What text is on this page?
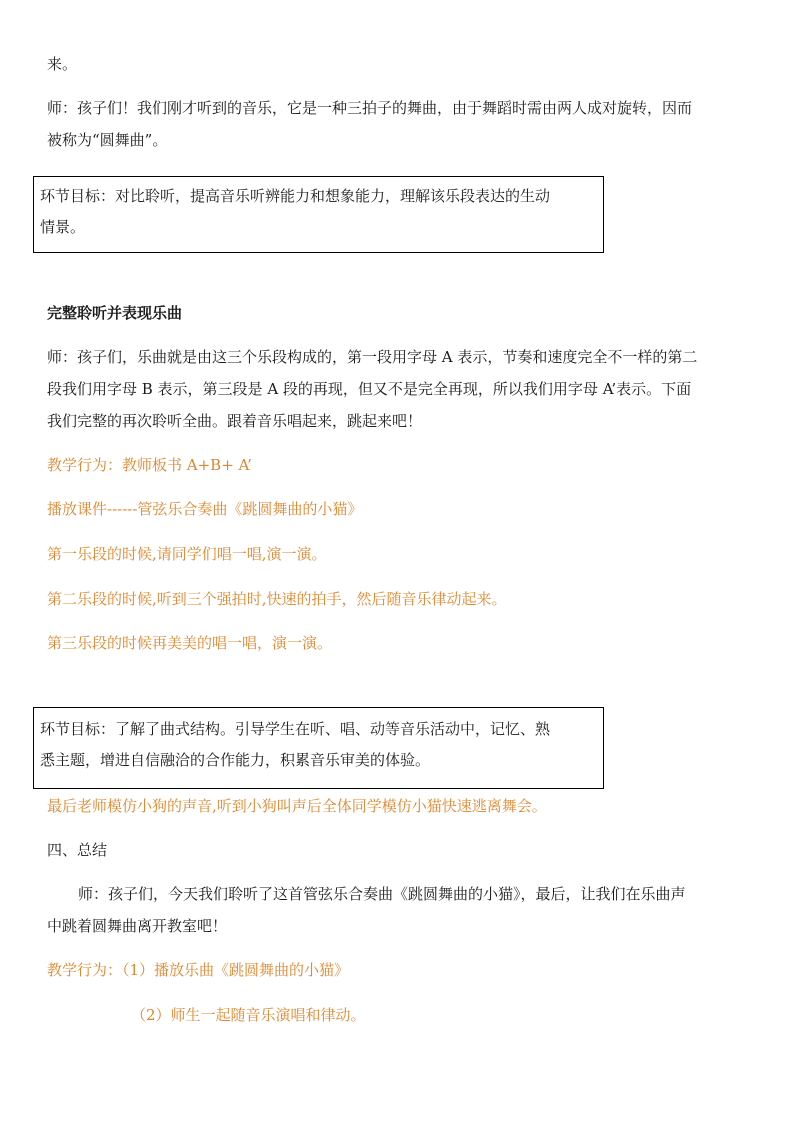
来。
师：孩子们！我们刚才听到的音乐，它是一种三拍子的舞曲，由于舞蹈时需由两人成对旋转，因而
被称为“圆舞曲”。
环节目标：对比聆听，提高音乐听辨能力和想象能力，理解该乐段表达的生动
情景。
完整聆听并表现乐曲
师：孩子们，乐曲就是由这三个乐段构成的，第一段用字母 A 表示，节奏和速度完全不一样的第二
段我们用字母 B 表示，第三段是 A 段的再现，但又不是完全再现，所以我们用字母 A’表示。下面
我们完整的再次聆听全曲。跟着音乐唱起来，跳起来吧！
教学行为：教师板书 A+B+ A’
播放课件------管弦乐合奏曲《跳圆舞曲的小猫》
第一乐段的时候,请同学们唱一唱,演一演。
第二乐段的时候,听到三个强拍时,快速的拍手，然后随音乐律动起来。
第三乐段的时候再美美的唱一唱，演一演。
环节目标：了解了曲式结构。引导学生在听、唱、动等音乐活动中，记忆、熟
悉主题，增进自信融洽的合作能力，积累音乐审美的体验。
最后老师模仿小狗的声音,听到小狗叫声后全体同学模仿小猫快速逃离舞会。
四、总结
师：孩子们，今天我们聆听了这首管弦乐合奏曲《跳圆舞曲的小猫》，最后，让我们在乐曲声
中跳着圆舞曲离开教室吧！
教学行为：（1）播放乐曲《跳圆舞曲的小猫》
（2）师生一起随音乐演唱和律动。
